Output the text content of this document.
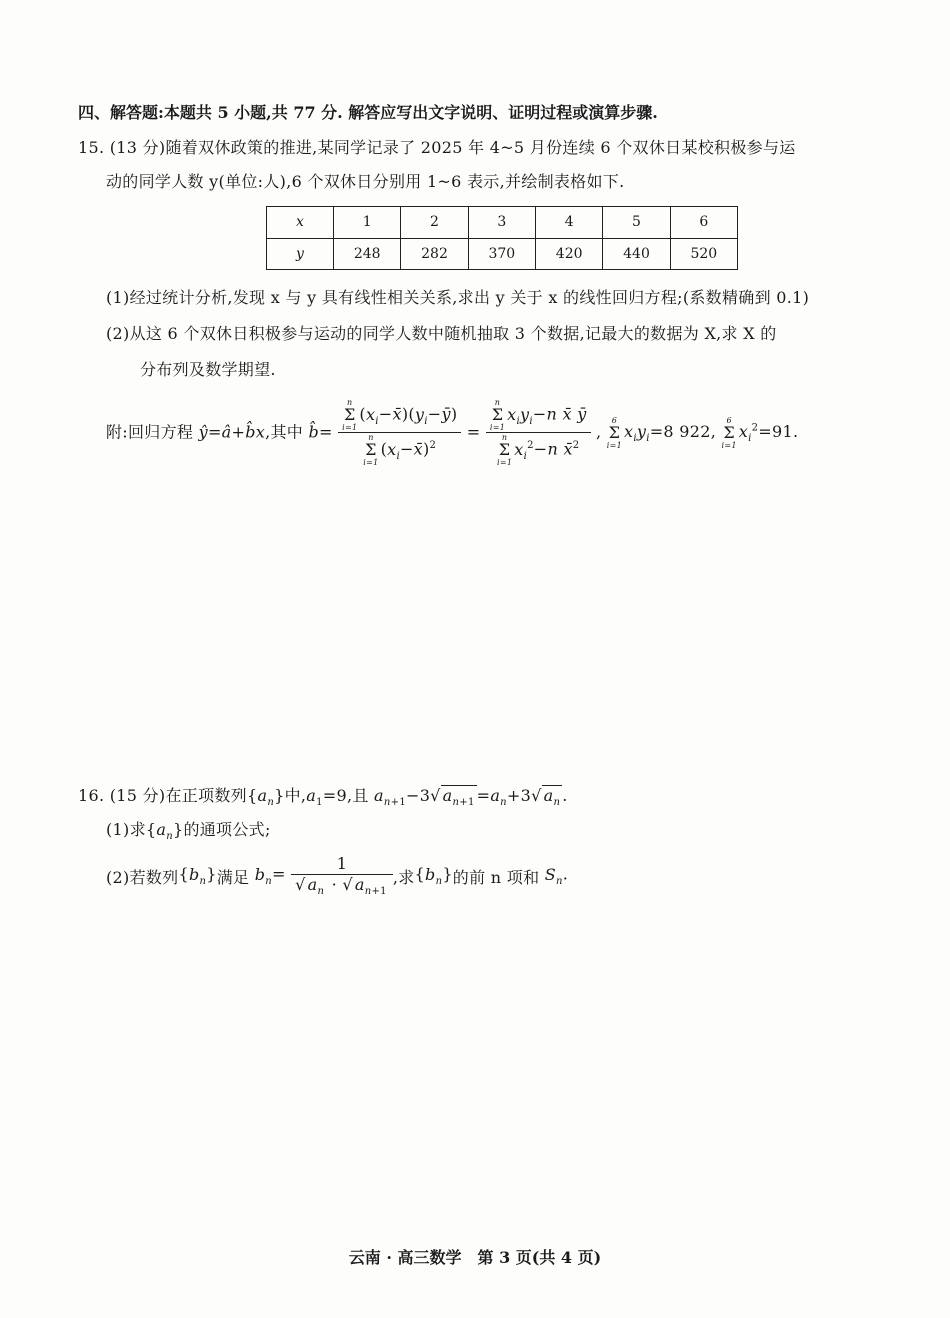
四、解答题:本题共 5 小题,共 77 分. 解答应写出文字说明、证明过程或演算步骤.
15. (13 分)随着双休政策的推进,某同学记录了 2025 年 4~5 月份连续 6 个双休日某校积极参与运
动的同学人数 y(单位:人),6 个双休日分别用 1~6 表示,并绘制表格如下.
x	1	2	3	4	5	6
y	248	282	370	420	440	520
(1)经过统计分析,发现 x 与 y 具有线性相关关系,求出 y 关于 x 的线性回归方程;(系数精确到 0.1)
(2)从这 6 个双休日积极参与运动的同学人数中随机抽取 3 个数据,记最大的数据为 X,求 X 的
分布列及数学期望.
附:回归方程 ŷ=â+b̂x,其中 b̂= n
Σ
i=1
$(x_i-x̄)(y_i-ȳ)$
n
Σ
i=1
$(x_i-x̄)^2 = n$
Σ
i=1
$x_iy_i-n$ x̄ ȳ
n
Σ
i=1
$x_i^2-n$ x̄$^2$ ,
6
Σ
i=1
$x_iy_i=8$ 922,
6
Σ
i=1
$x_i^2=91$.
16. (15 分)在正项数列$\{a_n\}$中$,a_1=9$,且 $a_{n+1}-3√$ $a_{n+1} =a_n+3√$ $a_n$ .
(1)求$\{a_n\}$的通项公式;
(2)若数列$\{b_n\}$满足 $b_n= \frac{1}{√ a_n \cdot √ a_{n+1}}$ ,求$\{b_n\}$的前 n 项和 $S_n$.
云南 · 高三数学　第 3 页(共 4 页)
